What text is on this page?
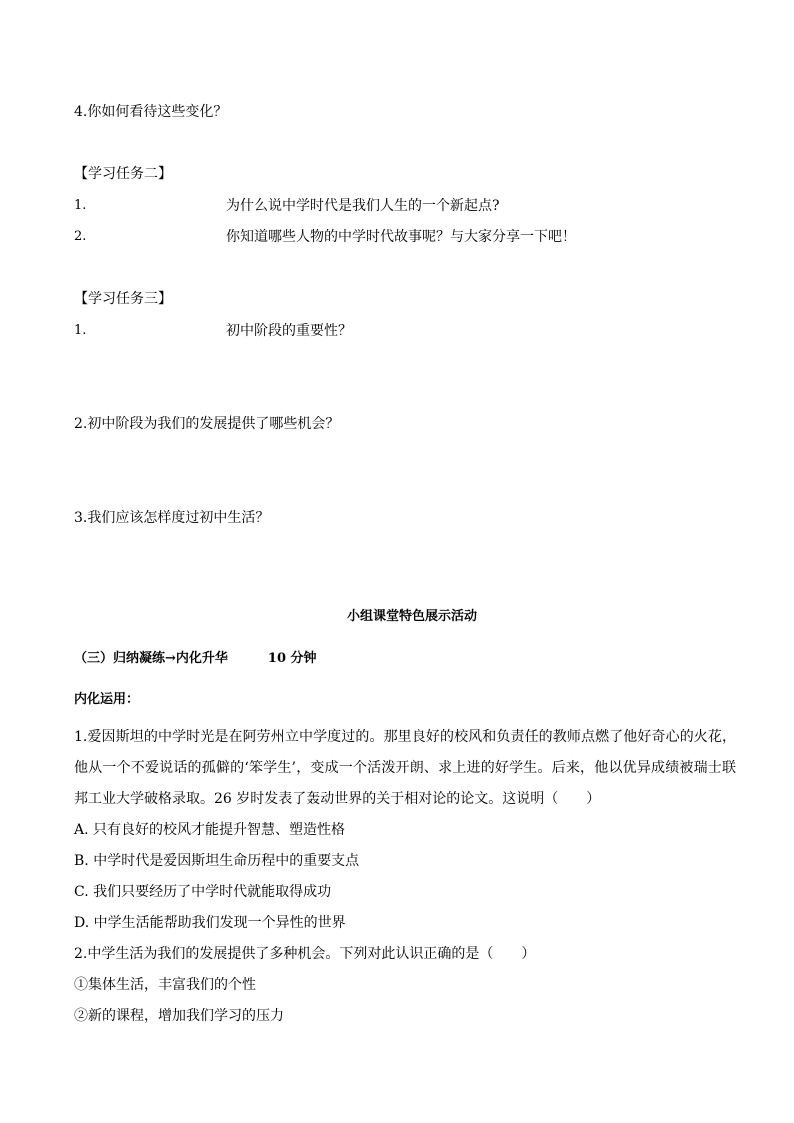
4.你如何看待这些变化？
【学习任务二】
1.	为什么说中学时代是我们人生的一个新起点?
2.	你知道哪些人物的中学时代故事呢？与大家分享一下吧！
【学习任务三】
1.	初中阶段的重要性？
2.初中阶段为我们的发展提供了哪些机会？
3.我们应该怎样度过初中生活？
小组课堂特色展示活动
（三）归纳凝练→内化升华	10 分钟
内化运用：
1.爱因斯坦的中学时光是在阿劳州立中学度过的。那里良好的校风和负责任的教师点燃了他好奇心的火花，他从一个不爱说话的孤僻的‘笨学生’，变成一个活泼开朗、求上进的好学生。后来，他以优异成绩被瑞士联邦工业大学破格录取。26 岁时发表了轰动世界的关于相对论的论文。这说明（　　）
A. 只有良好的校风才能提升智慧、塑造性格
B. 中学时代是爱因斯坦生命历程中的重要支点
C. 我们只要经历了中学时代就能取得成功
D. 中学生活能帮助我们发现一个异性的世界
2.中学生活为我们的发展提供了多种机会。下列对此认识正确的是（　　）
①集体生活，丰富我们的个性
②新的课程，增加我们学习的压力
